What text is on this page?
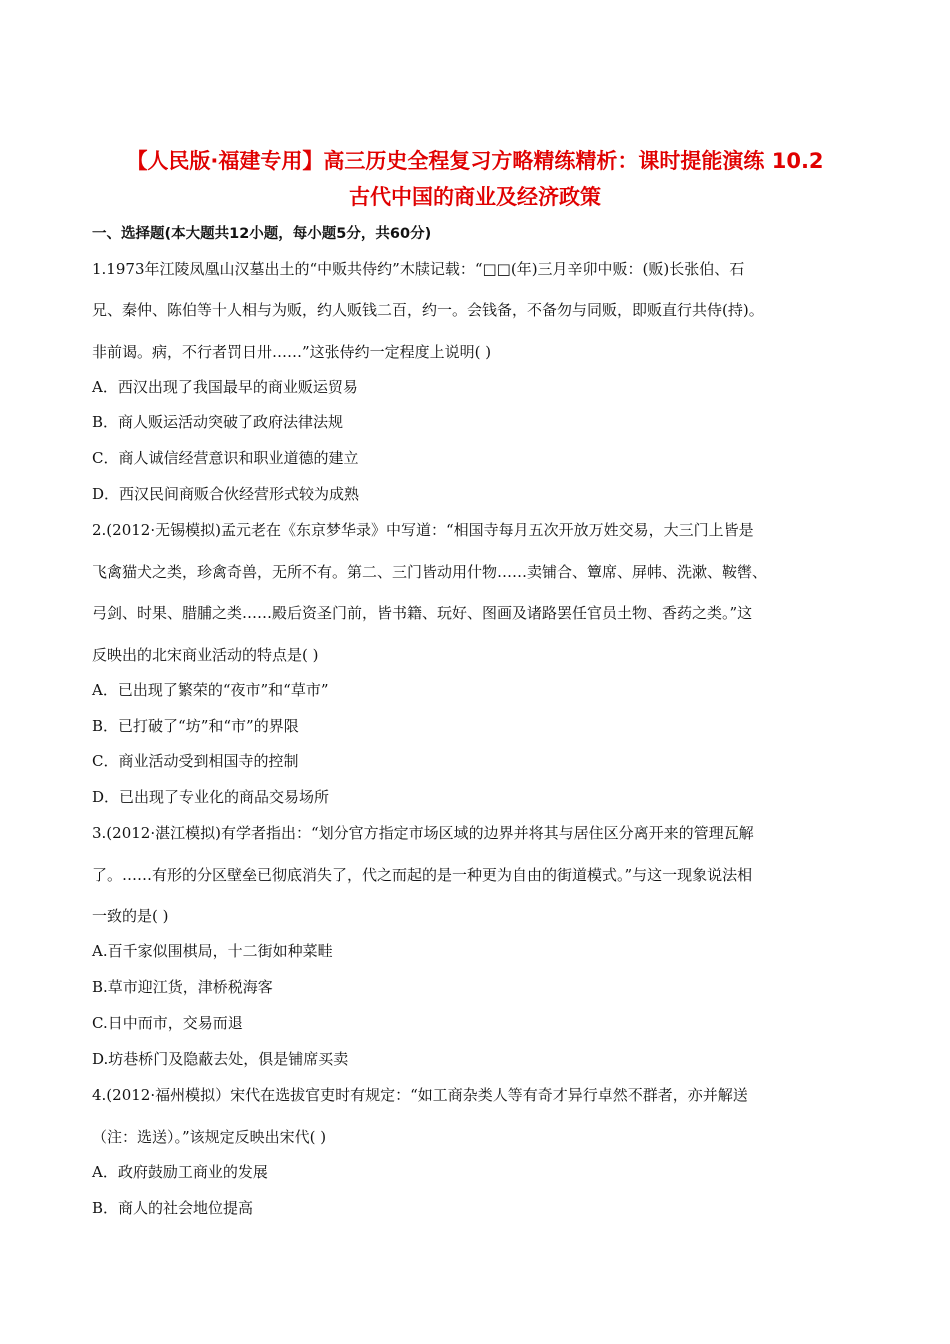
【人民版·福建专用】高三历史全程复习方略精练精析：课时提能演练 10.2
古代中国的商业及经济政策
一、选择题(本大题共12小题，每小题5分，共60分)
1.1973年江陵凤凰山汉墓出土的“中贩共侍约”木牍记载：“□□(年)三月辛卯中贩：(贩)长张伯、石
兄、秦仲、陈伯等十人相与为贩，约人贩钱二百，约一。会钱备，不备勿与同贩，即贩直行共侍(持)。
非前谒。病，不行者罚日卅……”这张侍约一定程度上说明( )
A．西汉出现了我国最早的商业贩运贸易
B．商人贩运活动突破了政府法律法规
C．商人诚信经营意识和职业道德的建立
D．西汉民间商贩合伙经营形式较为成熟
2.(2012·无锡模拟)孟元老在《东京梦华录》中写道：“相国寺每月五次开放万姓交易，大三门上皆是
飞禽猫犬之类，珍禽奇兽，无所不有。第二、三门皆动用什物……卖铺合、簟席、屏帏、洗漱、鞍辔、
弓剑、时果、腊脯之类……殿后资圣门前，皆书籍、玩好、图画及诸路罢任官员土物、香药之类。”这
反映出的北宋商业活动的特点是( )
A．已出现了繁荣的“夜市”和“草市”
B．已打破了“坊”和“市”的界限
C．商业活动受到相国寺的控制
D．已出现了专业化的商品交易场所
3.(2012·湛江模拟)有学者指出：“划分官方指定市场区域的边界并将其与居住区分离开来的管理瓦解
了。……有形的分区壁垒已彻底消失了，代之而起的是一种更为自由的街道模式。”与这一现象说法相
一致的是( )
A.百千家似围棋局，十二街如种菜畦
B.草市迎江货，津桥税海客
C.日中而市，交易而退
D.坊巷桥门及隐蔽去处，俱是铺席买卖
4.(2012·福州模拟）宋代在选拔官吏时有规定：“如工商杂类人等有奇才异行卓然不群者，亦并解送
（注：选送）。”该规定反映出宋代( )
A．政府鼓励工商业的发展
B．商人的社会地位提高
